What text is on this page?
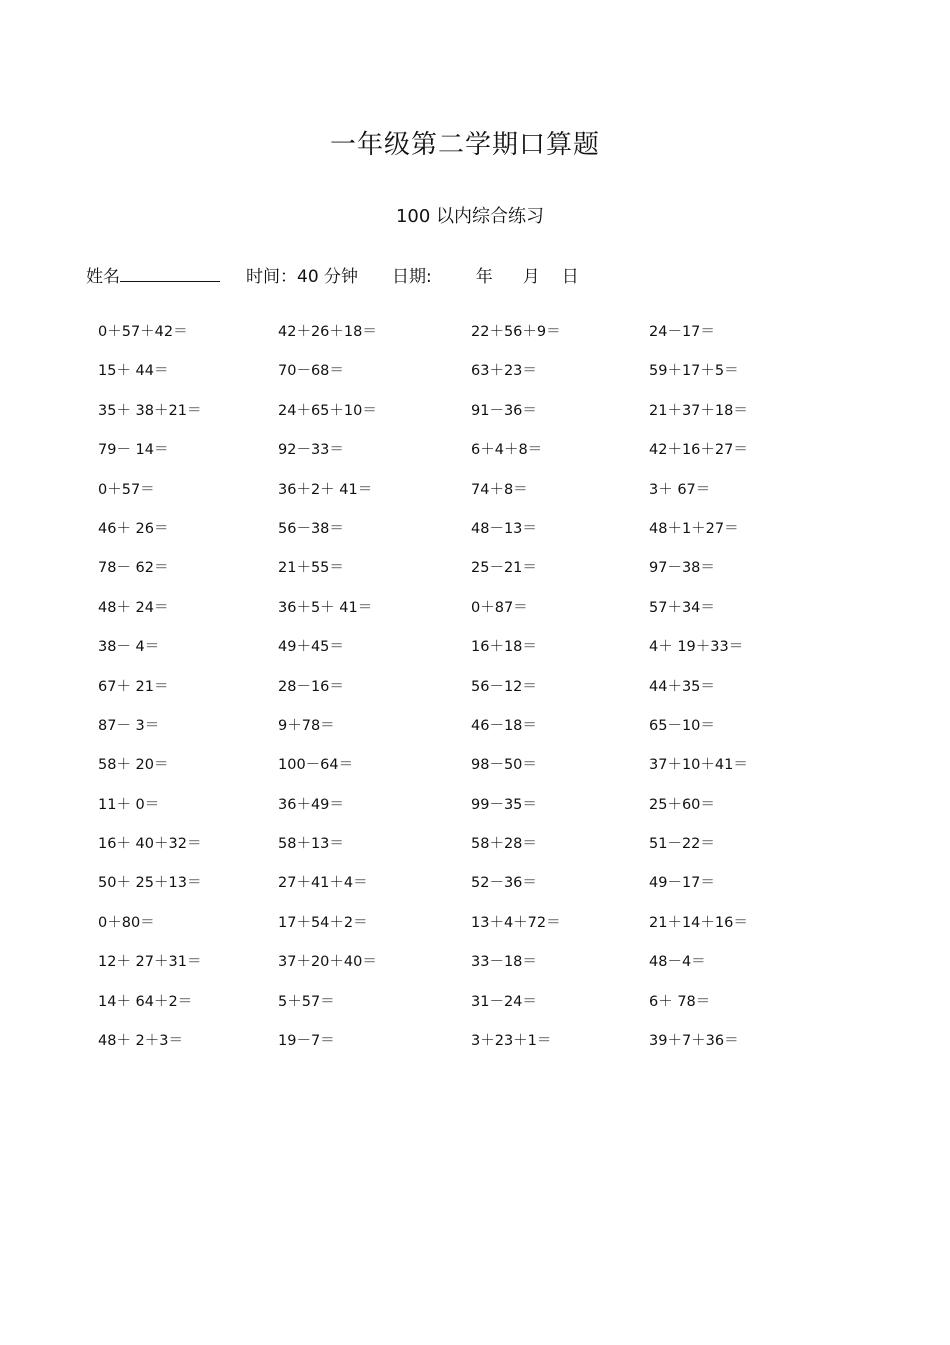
一年级第二学期口算题
100 以内综合练习
姓名	时间：40 分钟 日期:	年 月 日
0＋57＋42＝	42＋26＋18＝	22＋56＋9＝	24－17＝
15＋ 44＝	70－68＝	63＋23＝	59＋17＋5＝
35＋ 38＋21＝	24＋65＋10＝	91－36＝	21＋37＋18＝
79－ 14＝	92－33＝	6＋4＋8＝	42＋16＋27＝
0＋57＝	36＋2＋ 41＝	74＋8＝	3＋ 67＝
46＋ 26＝	56－38＝	48－13＝	48＋1＋27＝
78－ 62＝	21＋55＝	25－21＝	97－38＝
48＋ 24＝	36＋5＋ 41＝	0＋87＝	57＋34＝
38－ 4＝	49＋45＝	16＋18＝	4＋ 19＋33＝
67＋ 21＝	28－16＝	56－12＝	44＋35＝
87－ 3＝	9＋78＝	46－18＝	65－10＝
58＋ 20＝	100－64＝	98－50＝	37＋10＋41＝
11＋ 0＝	36＋49＝	99－35＝	25＋60＝
16＋ 40＋32＝	58＋13＝	58＋28＝	51－22＝
50＋ 25＋13＝	27＋41＋4＝	52－36＝	49－17＝
0＋80＝	17＋54＋2＝	13＋4＋72＝	21＋14＋16＝
12＋ 27＋31＝	37＋20＋40＝	33－18＝	48－4＝
14＋ 64＋2＝	5＋57＝	31－24＝	6＋ 78＝
48＋ 2＋3＝	19－7＝	3＋23＋1＝	39＋7＋36＝
